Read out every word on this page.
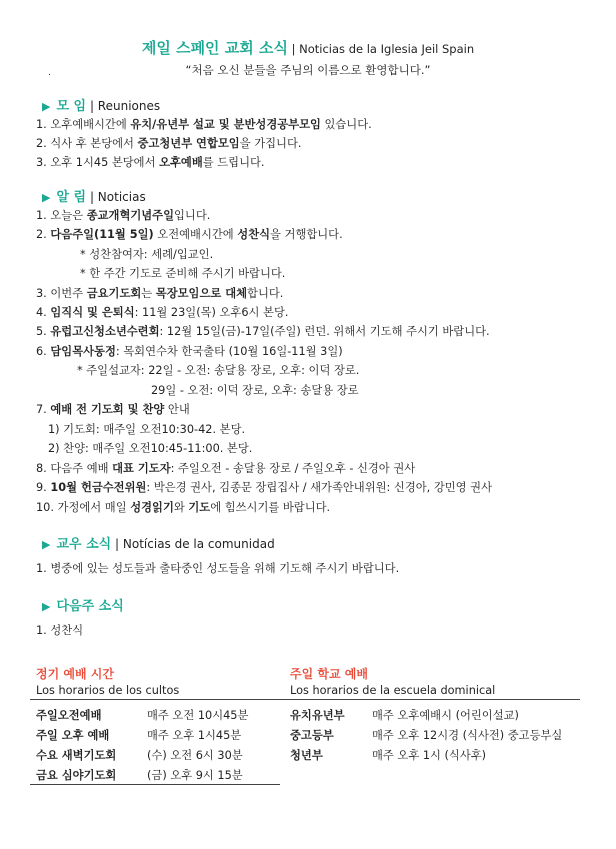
제일 스페인 교회 소식 | Noticias de la Iglesia Jeil Spain
“처음 오신 분들을 주님의 이름으로 환영합니다.”
.
▶ 모 임 | Reuniones
1. 오후예배시간에 유치/유년부 설교 및 분반성경공부모임 있습니다.
2. 식사 후 본당에서 중고청년부 연합모임을 가집니다.
3. 오후 1시45 본당에서 오후예배를 드립니다.
▶ 알 림 | Noticias
1. 오늘은 종교개혁기념주일입니다.
2. 다음주일(11월 5일) 오전예배시간에 성찬식을 거행합니다.
* 성찬참여자: 세례/입교인.
* 한 주간 기도로 준비해 주시기 바랍니다.
3. 이번주 금요기도회는 목장모임으로 대체합니다.
4. 임직식 및 은퇴식: 11월 23일(목) 오후6시 본당.
5. 유럽고신청소년수련회: 12월 15일(금)-17일(주일) 런던. 위해서 기도해 주시기 바랍니다.
6. 담임목사동정: 목회연수차 한국출타 (10월 16일-11월 3일)
* 주일설교자: 22일 - 오전: 송달용 장로, 오후: 이덕 장로.
29일 - 오전: 이덕 장로, 오후: 송달용 장로
7. 예배 전 기도회 및 찬양 안내
1) 기도회: 매주일 오전10:30-42. 본당.
2) 찬양: 매주일 오전10:45-11:00. 본당.
8. 다음주 예배 대표 기도자: 주일오전 - 송달용 장로 / 주일오후 - 신경아 권사
9. 10월 헌금수전위원: 박은경 권사, 김종문 장립집사 / 새가족안내위원: 신경아, 강민영 권사
10. 가정에서 매일 성경읽기와 기도에 힘쓰시기를 바랍니다.
▶ 교우 소식 | Notícias de la comunidad
1. 병중에 있는 성도들과 출타중인 성도들을 위해 기도해 주시기 바랍니다.
▶ 다음주 소식
1. 성찬식
정기 예배 시간
Los horarios de los cultos
주일 학교 예배
Los horarios de la escuela dominical
주일오전예배	매주 오전 10시45분
주일 오후 예배	매주 오후 1시45분
수요 새벽기도회	(수) 오전 6시 30분
금요 심야기도회	(금) 오후 9시 15분
유치유년부 매주 오후예배시 (어린이설교)
중고등부	매주 오후 12시경 (식사전) 중고등부실
청년부	매주 오후 1시 (식사후)
